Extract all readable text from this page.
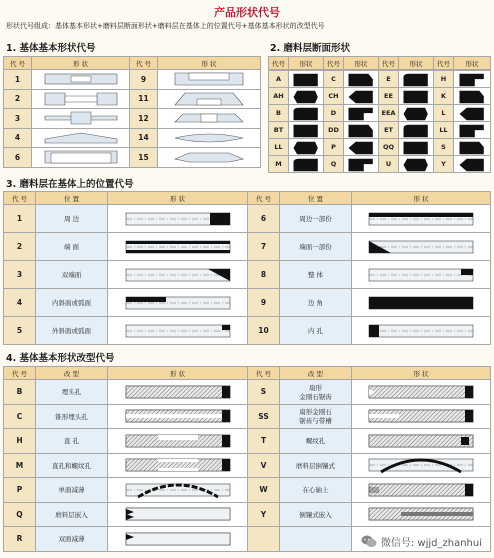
产品形状代号
形状代号组成：基体基本形状+磨料层断面形状+磨料层在基体上的位置代号+基体基本形状的改型代号
1. 基体基本形状代号
代 号	形 状	代 号	形 状
1		9	

2		11	

3		12	

4		14	

6		15	
2. 磨料层断面形状
代号	形状	代号	形状	代号	形状	代号	形状
A		C		E		H	

AH		CH		EE		K	

B		D		EEA		L	

BT		DD		ET		LL	

LL		P		QQ		S	

M		Q		U		Y	
3. 磨料层在基体上的位置代号
代 号	位 置	形 状	代 号	位 置	形 状
1	周 边		6	周边一部份	

2	端 面		7	端面一部份	

3	双端面		8	整 体	

4	内斜面或弧面		9	边 角	

5	外斜面或弧面		10	内 孔	
4. 基体基本形状改型代号
代 号	改 型	形 状	代 号	改 型	形 状
B	埋头孔		S	扇形
金刚石锯齿	

C	锥形埋头孔		SS	扇形金刚石
锯齿与带槽	

H	直 孔		T	螺纹孔	

M	直孔和螺纹孔		V	磨料层倒镶式	

P	单面减薄		W	在心轴上	

Q	磨料层嵌入		Y	倒镶式嵌入	

R	双面减薄	
				微信号: wjjd_zhanhui
